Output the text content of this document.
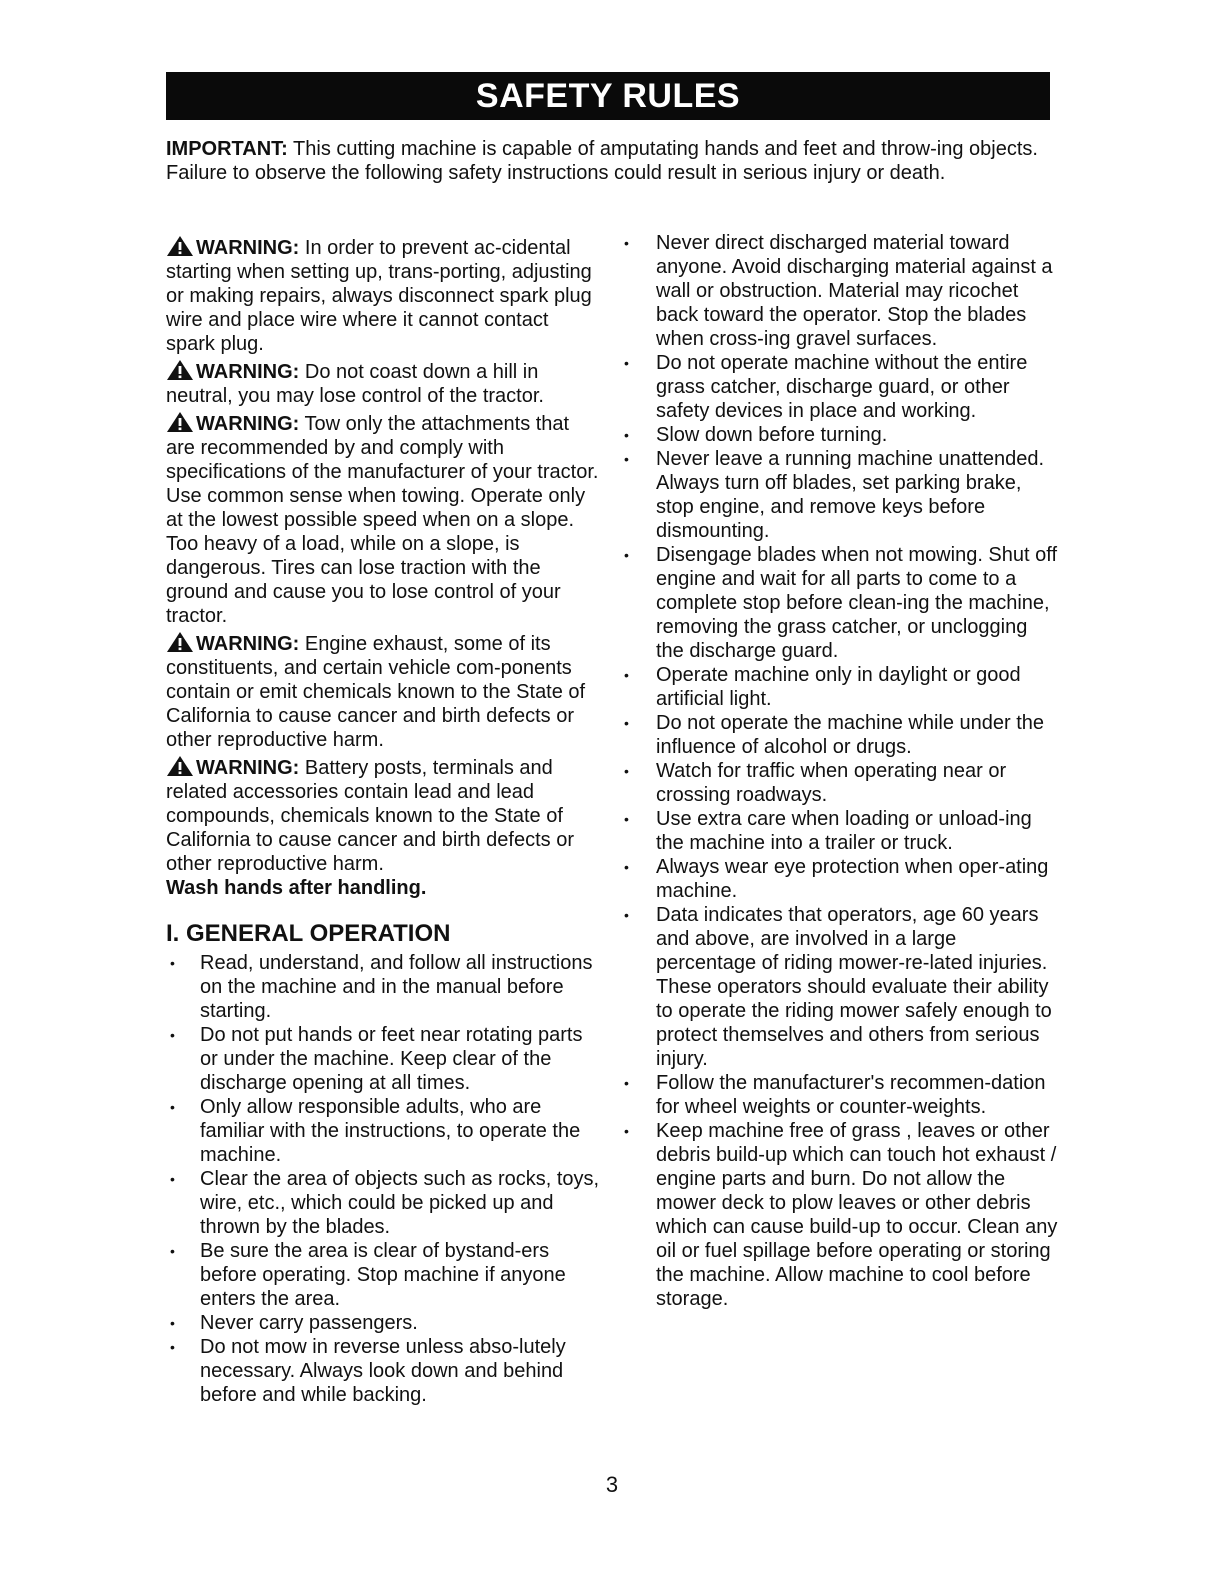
SAFETY RULES
IMPORTANT: This cutting machine is capable of amputating hands and feet and throw-ing objects. Failure to observe the following safety instructions could result in serious injury or death.
WARNING: In order to prevent ac-cidental starting when setting up, trans-porting, adjusting or making repairs, always disconnect spark plug wire and place wire where it cannot contact spark plug.
WARNING: Do not coast down a hill in neutral, you may lose control of the tractor.
WARNING: Tow only the attachments that are recommended by and comply with specifications of the manufacturer of your tractor. Use common sense when towing. Operate only at the lowest possible speed when on a slope. Too heavy of a load, while on a slope, is dangerous. Tires can lose traction with the ground and cause you to lose control of your tractor.
WARNING: Engine exhaust, some of its constituents, and certain vehicle com-ponents contain or emit chemicals known to the State of California to cause cancer and birth defects or other reproductive harm.
WARNING: Battery posts, terminals and related accessories contain lead and lead compounds, chemicals known to the State of California to cause cancer and birth defects or other reproductive harm.
Wash hands after handling.
I. GENERAL OPERATION
• Read, understand, and follow all instructions on the machine and in the manual before starting.
• Do not put hands or feet near rotating parts or under the machine. Keep clear of the discharge opening at all times.
• Only allow responsible adults, who are familiar with the instructions, to operate the machine.
• Clear the area of objects such as rocks, toys, wire, etc., which could be picked up and thrown by the blades.
• Be sure the area is clear of bystand-ers before operating. Stop machine if anyone enters the area.
• Never carry passengers.
• Do not mow in reverse unless abso-lutely necessary. Always look down and behind before and while backing.
• Never direct discharged material toward anyone. Avoid discharging material against a wall or obstruction. Material may ricochet back toward the operator. Stop the blades when cross-ing gravel surfaces.
• Do not operate machine without the entire grass catcher, discharge guard, or other safety devices in place and working.
• Slow down before turning.
• Never leave a running machine unattended. Always turn off blades, set parking brake, stop engine, and remove keys before dismounting.
• Disengage blades when not mowing. Shut off engine and wait for all parts to come to a complete stop before clean-ing the machine, removing the grass catcher, or unclogging the discharge guard.
• Operate machine only in daylight or good artificial light.
• Do not operate the machine while under the influence of alcohol or drugs.
• Watch for traffic when operating near or crossing roadways.
• Use extra care when loading or unload-ing the machine into a trailer or truck.
• Always wear eye protection when oper-ating machine.
• Data indicates that operators, age 60 years and above, are involved in a large percentage of riding mower-re-lated injuries. These operators should evaluate their ability to operate the riding mower safely enough to protect themselves and others from serious injury.
• Follow the manufacturer's recommen-dation for wheel weights or counter-weights.
• Keep machine free of grass , leaves or other debris build-up which can touch hot exhaust / engine parts and burn. Do not allow the mower deck to plow leaves or other debris which can cause build-up to occur. Clean any oil or fuel spillage before operating or storing the machine. Allow machine to cool before storage.
3
